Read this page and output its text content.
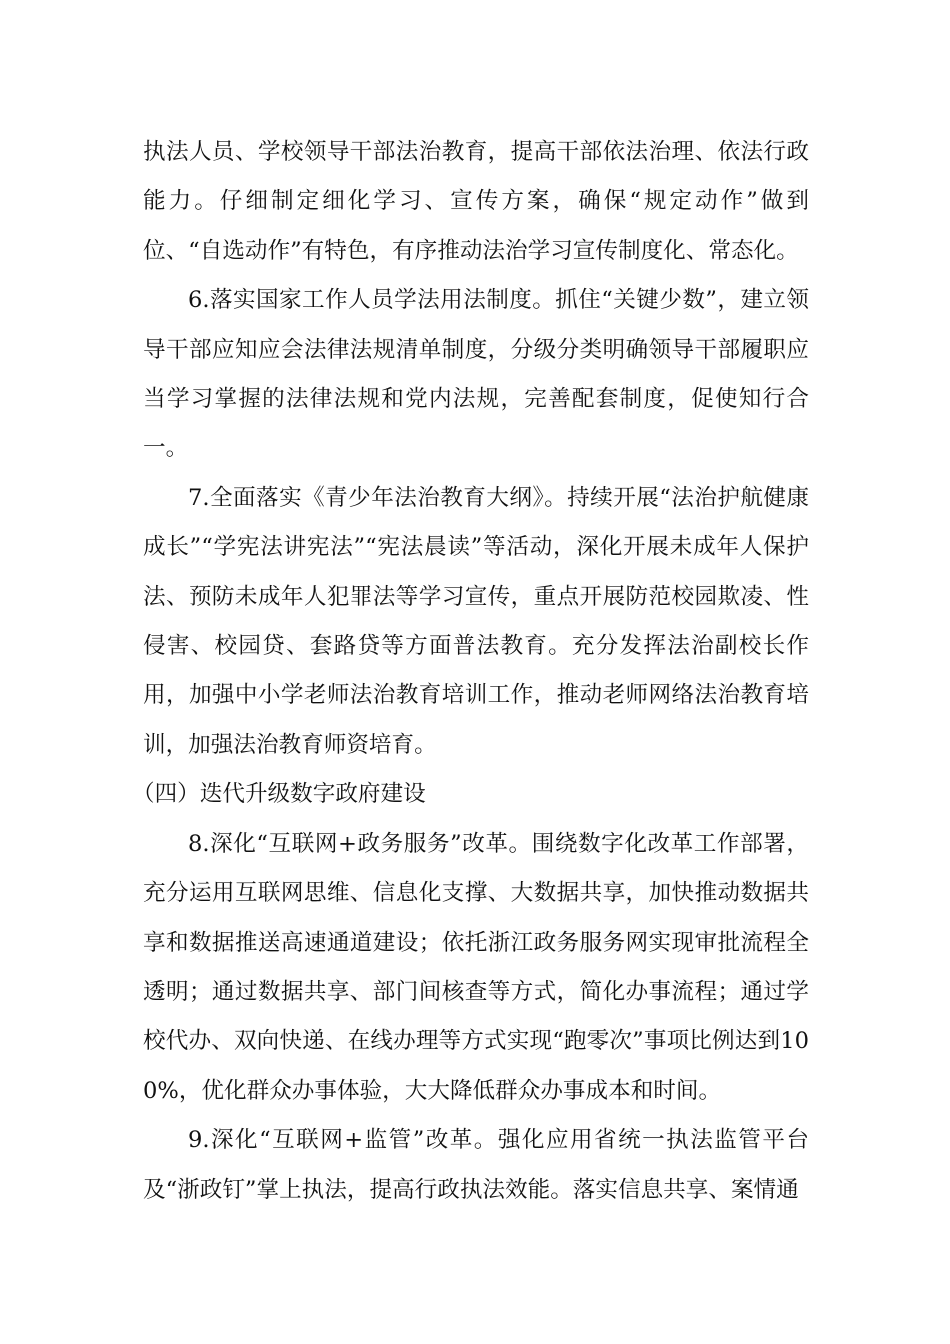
执法人员、学校领导干部法治教育，提高干部依法治理、依法行政能力。仔细制定细化学习、宣传方案，确保“规定动作”做到位、“自选动作”有特色，有序推动法治学习宣传制度化、常态化。

6.落实国家工作人员学法用法制度。抓住“关键少数”，建立领导干部应知应会法律法规清单制度，分级分类明确领导干部履职应当学习掌握的法律法规和党内法规，完善配套制度，促使知行合一。

7.全面落实《青少年法治教育大纲》。持续开展“法治护航健康成长”“学宪法讲宪法”“宪法晨读”等活动，深化开展未成年人保护法、预防未成年人犯罪法等学习宣传，重点开展防范校园欺凌、性侵害、校园贷、套路贷等方面普法教育。充分发挥法治副校长作用，加强中小学老师法治教育培训工作，推动老师网络法治教育培训，加强法治教育师资培育。

（四）迭代升级数字政府建设

8.深化“互联网+政务服务”改革。围绕数字化改革工作部署，充分运用互联网思维、信息化支撑、大数据共享，加快推动数据共享和数据推送高速通道建设；依托浙江政务服务网实现审批流程全透明；通过数据共享、部门间核查等方式，简化办事流程；通过学校代办、双向快递、在线办理等方式实现“跑零次”事项比例达到100%，优化群众办事体验，大大降低群众办事成本和时间。

9.深化“互联网+监管”改革。强化应用省统一执法监管平台及“浙政钉”掌上执法，提高行政执法效能。落实信息共享、案情通
